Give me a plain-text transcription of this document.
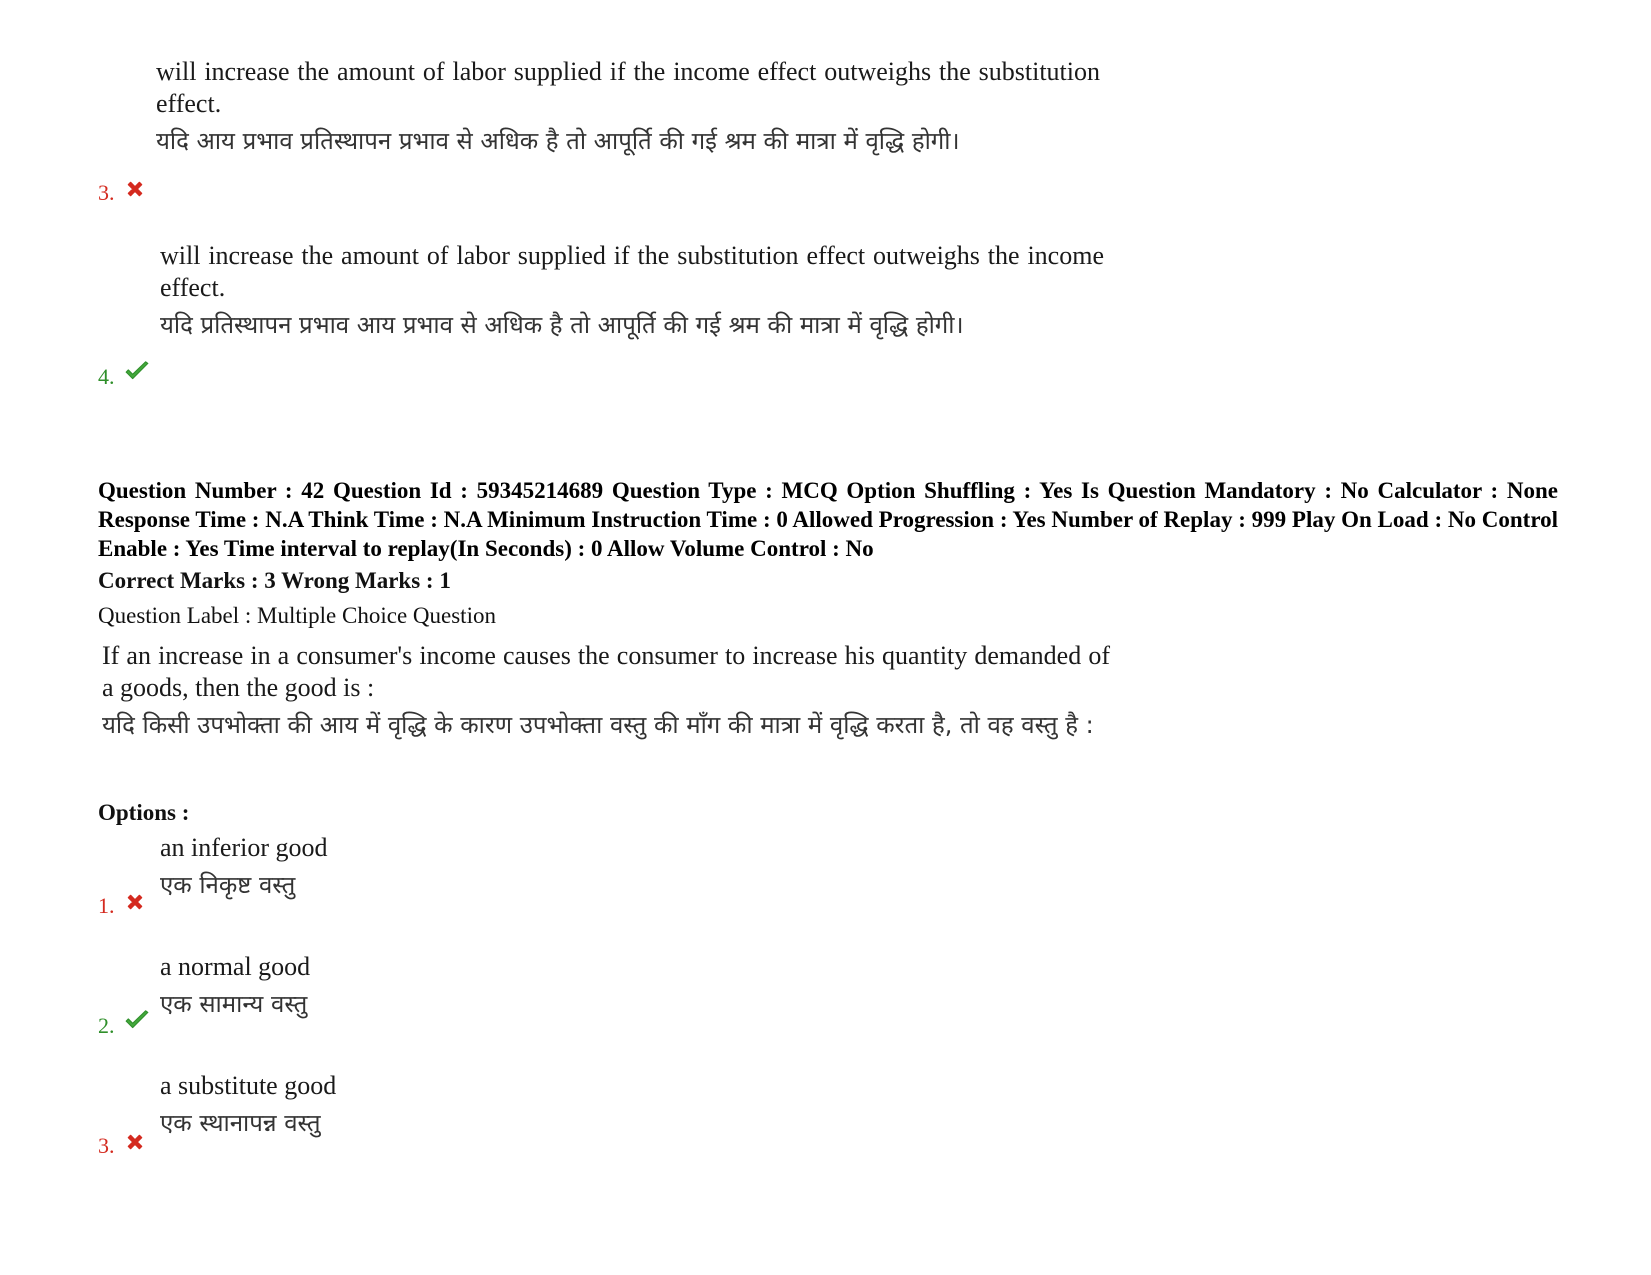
will increase the amount of labor supplied if the income effect outweighs the substitution effect.
यदि आय प्रभाव प्रतिस्थापन प्रभाव से अधिक है तो आपूर्ति की गई श्रम की मात्रा में वृद्धि होगी।
3.
will increase the amount of labor supplied if the substitution effect outweighs the income effect.
यदि प्रतिस्थापन प्रभाव आय प्रभाव से अधिक है तो आपूर्ति की गई श्रम की मात्रा में वृद्धि होगी।
4.
Question Number : 42 Question Id : 59345214689 Question Type : MCQ Option Shuffling : Yes Is Question Mandatory : No Calculator : None Response Time : N.A Think Time : N.A Minimum Instruction Time : 0 Allowed Progression : Yes Number of Replay : 999 Play On Load : No Control Enable : Yes Time interval to replay(In Seconds) : 0 Allow Volume Control : No
Correct Marks : 3 Wrong Marks : 1
Question Label : Multiple Choice Question
If an increase in a consumer's income causes the consumer to increase his quantity demanded of a goods, then the good is :
यदि किसी उपभोक्ता की आय में वृद्धि के कारण उपभोक्ता वस्तु की माँग की मात्रा में वृद्धि करता है, तो वह वस्तु है :
Options :
an inferior good
एक निकृष्ट वस्तु
1.
a normal good
एक सामान्य वस्तु
2.
a substitute good
एक स्थानापन्न वस्तु
3.
